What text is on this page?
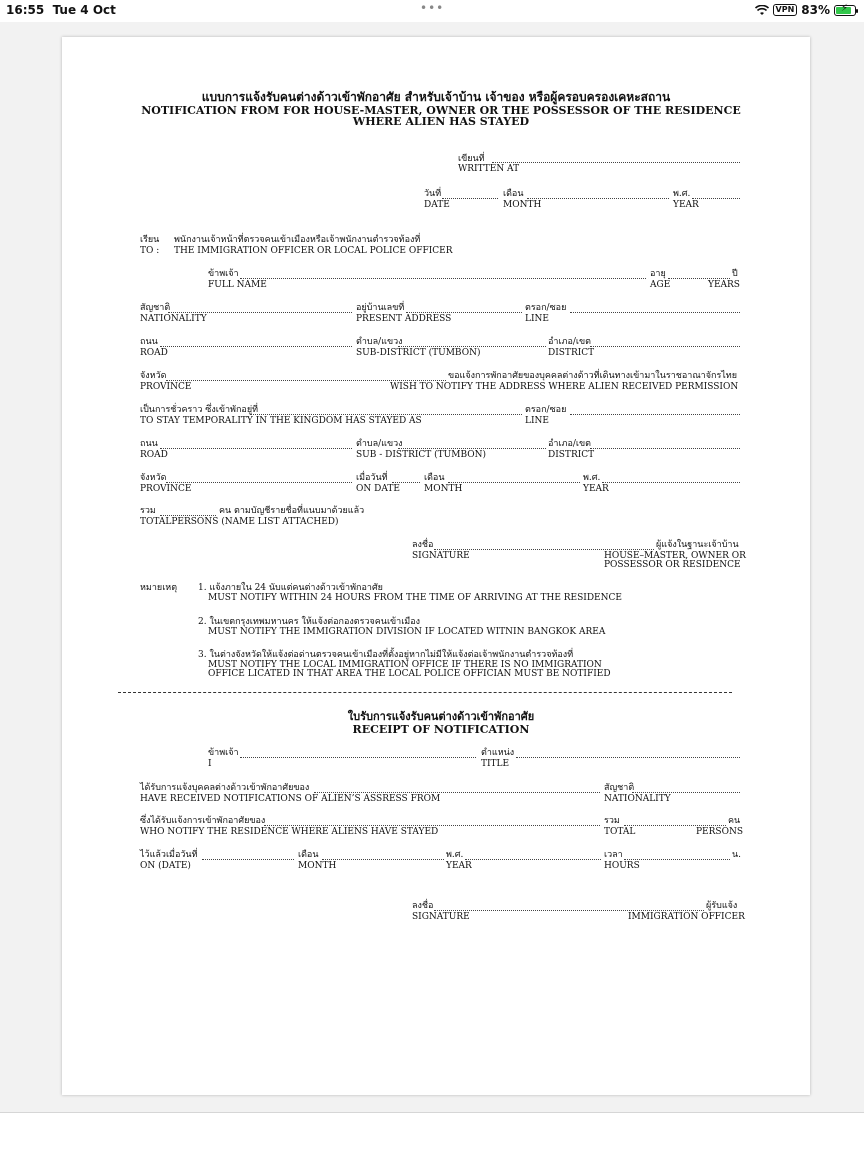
16:55 Tue 4 Oct	•••	VPN 83% ⚡
แบบการแจ้งรับคนต่างด้าวเข้าพักอาศัย สำหรับเจ้าบ้าน เจ้าของ หรือผู้ครอบครองเคหะสถาน
NOTIFICATION FROM FOR HOUSE-MASTER, OWNER OR THE POSSESSOR OF THE RESIDENCE
WHERE ALIEN HAS STAYED
เขียนที่
WRITTEN AT
วันที่
DATE
เดือน
MONTH
พ.ศ.
YEAR
เรียน พนักงานเจ้าหน้าที่ตรวจคนเข้าเมืองหรือเจ้าพนักงานตำรวจท้องที่
TO : THE IMMIGRATION OFFICER OR LOCAL POLICE OFFICER
ข้าพเจ้า
FULL NAME
อายุ
AGE
ปี
YEARS
สัญชาติ
NATIONALITY
อยู่บ้านเลขที่
PRESENT ADDRESS
ตรอก/ซอย
LINE
ถนน
ROAD
ตำบล/แขวง
SUB-DISTRICT (TUMBON)
อำเภอ/เขต
DISTRICT
จังหวัด
PROVINCE
ขอแจ้งการพักอาศัยของบุคคลต่างด้าวที่เดินทางเข้ามาในราชอาณาจักรไทย
WISH TO NOTIFY THE ADDRESS WHERE ALIEN RECEIVED PERMISSION
เป็นการชั่วคราว ซึ่งเข้าพักอยู่ที่
TO STAY TEMPORALITY IN THE KINGDOM HAS STAYED AS
ตรอก/ซอย
LINE
ถนน
ROAD
ตำบล/แขวง
SUB - DISTRICT (TUMBON)
อำเภอ/เขต
DISTRICT
จังหวัด
PROVINCE
เมื่อวันที่
ON DATE
เดือน
MONTH
พ.ศ.
YEAR
รวม	คน ตามบัญชีรายชื่อที่แนบมาด้วยแล้ว
TOTALPERSONS (NAME LIST ATTACHED)
ลงชื่อ
SIGNATURE
ผู้แจ้งในฐานะเจ้าบ้าน
HOUSE–MASTER, OWNER OR
POSSESSOR OR RESIDENCE
หมายเหตุ 1. แจ้งภายใน 24 นับแต่คนต่างด้าวเข้าพักอาศัย
MUST NOTIFY WITHIN 24 HOURS FROM THE TIME OF ARRIVING AT THE RESIDENCE
2. ในเขตกรุงเทพมหานคร ให้แจ้งต่อกองตรวจคนเข้าเมือง
MUST NOTIFY THE IMMIGRATION DIVISION IF LOCATED WITNIN BANGKOK AREA
3. ในต่างจังหวัดให้แจ้งต่อด่านตรวจคนเข้าเมืองที่ตั้งอยู่หากไม่มีให้แจ้งต่อเจ้าพนักงานตำรวจท้องที่
MUST NOTIFY THE LOCAL IMMIGRATION OFFICE IF THERE IS NO IMMIGRATION
OFFICE LICATED IN THAT AREA THE LOCAL POLICE OFFICIAN MUST BE NOTIFIED
ใบรับการแจ้งรับคนต่างด้าวเข้าพักอาศัย
RECEIPT OF NOTIFICATION
ข้าพเจ้า
I
ตำแหน่ง
TITLE
ได้รับการแจ้งบุคคลต่างด้าวเข้าพักอาศัยของ
HAVE RECEIVED NOTIFICATIONS OF ALIEN’S ASSRESS FROM
สัญชาติ
NATIONALITY
ซึ่งได้รับแจ้งการเข้าพักอาศัยของ
WHO NOTIFY THE RESIDENCE WHERE ALIENS HAVE STAYED
รวม
TOTAL
คน
PERSONS
ไว้แล้วเมื่อวันที่
ON (DATE)
เดือน
MONTH
พ.ศ.
YEAR
เวลา
HOURS
น.
ลงชื่อ
SIGNATURE
ผู้รับแจ้ง
IMMIGRATION OFFICER
